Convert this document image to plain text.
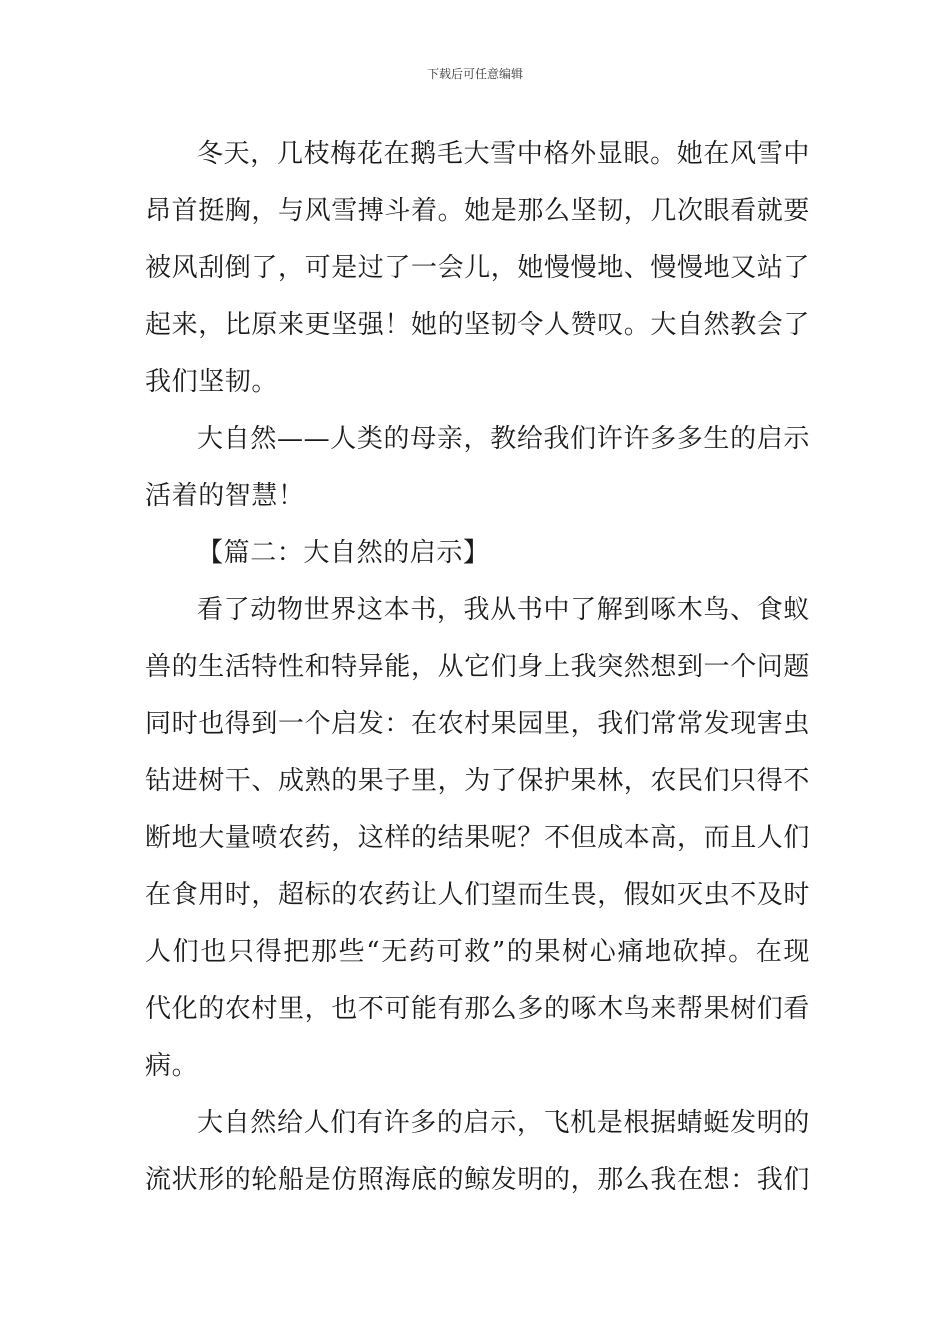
下载后可任意编辑

冬天，几枝梅花在鹅毛大雪中格外显眼。她在风雪中昂首挺胸，与风雪搏斗着。她是那么坚韧，几次眼看就要被风刮倒了，可是过了一会儿，她慢慢地、慢慢地又站了起来，比原来更坚强！她的坚韧令人赞叹。大自然教会了我们坚韧。

大自然——人类的母亲，教给我们许许多多生的启示活着的智慧！

【篇二：大自然的启示】

看了动物世界这本书，我从书中了解到啄木鸟、食蚁兽的生活特性和特异能，从它们身上我突然想到一个问题同时也得到一个启发：在农村果园里，我们常常发现害虫钻进树干、成熟的果子里，为了保护果林，农民们只得不断地大量喷农药，这样的结果呢？不但成本高，而且人们在食用时，超标的农药让人们望而生畏，假如灭虫不及时人们也只得把那些“无药可救”的果树心痛地砍掉。在现代化的农村里，也不可能有那么多的啄木鸟来帮果树们看病。

大自然给人们有许多的启示，飞机是根据蜻蜓发明的流状形的轮船是仿照海底的鲸发明的，那么我在想：我们
